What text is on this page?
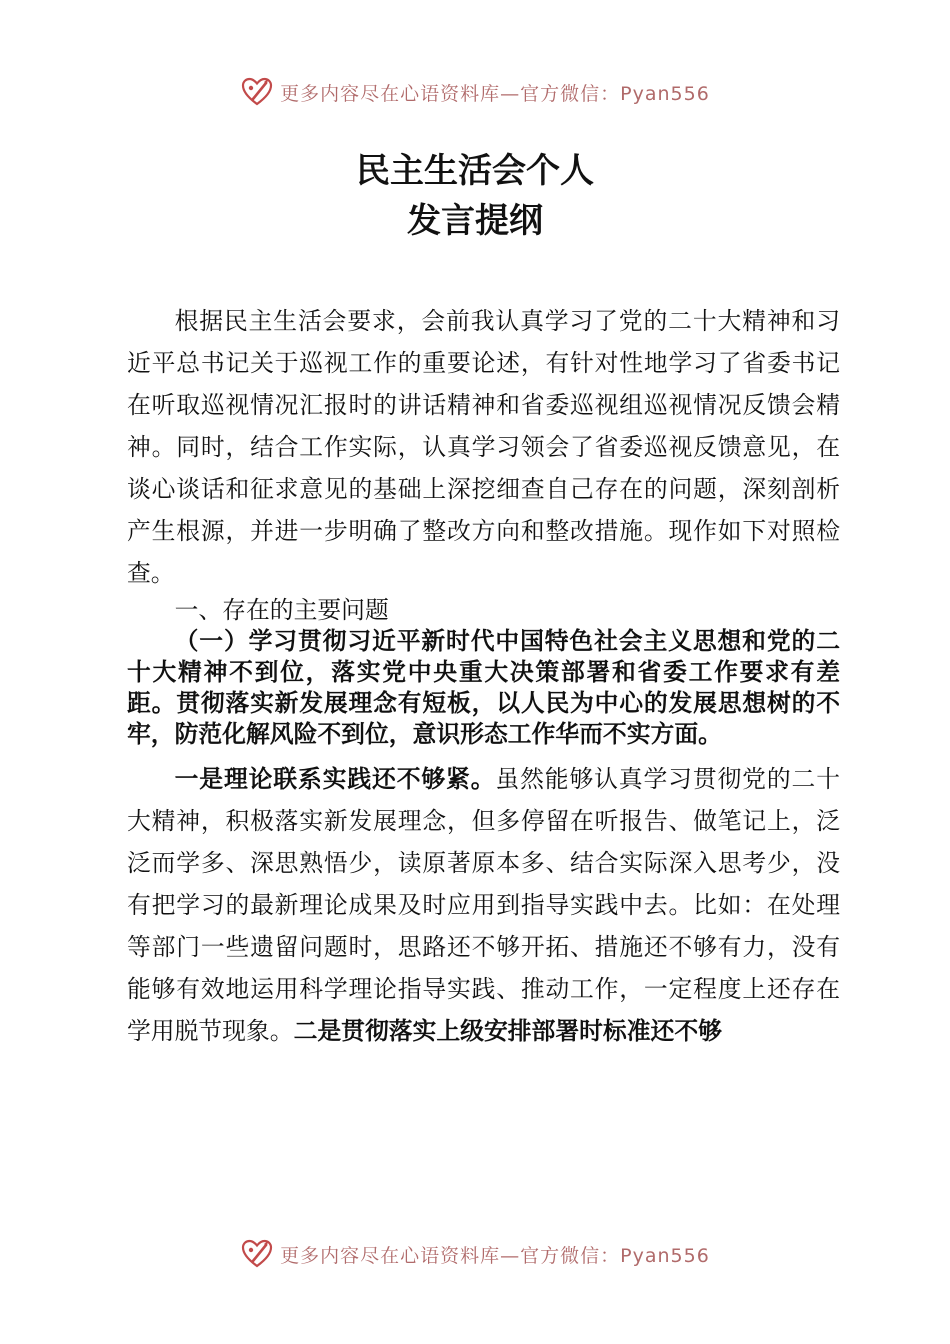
更多内容尽在心语资料库—官方微信：Pyan556
民主生活会个人
发言提纲

根据民主生活会要求，会前我认真学习了党的二十大精神和习近平总书记关于巡视工作的重要论述，有针对性地学习了省委书记在听取巡视情况汇报时的讲话精神和省委巡视组巡视情况反馈会精神。同时，结合工作实际，认真学习领会了省委巡视反馈意见，在谈心谈话和征求意见的基础上深挖细查自己存在的问题，深刻剖析产生根源，并进一步明确了整改方向和整改措施。现作如下对照检查。

一、存在的主要问题

（一）学习贯彻习近平新时代中国特色社会主义思想和党的二十大精神不到位，落实党中央重大决策部署和省委工作要求有差距。贯彻落实新发展理念有短板，以人民为中心的发展思想树的不牢，防范化解风险不到位，意识形态工作华而不实方面。

一是理论联系实践还不够紧。虽然能够认真学习贯彻党的二十大精神，积极落实新发展理念，但多停留在听报告、做笔记上，泛泛而学多、深思熟悟少，读原著原本多、结合实际深入思考少，没有把学习的最新理论成果及时应用到指导实践中去。比如：在处理等部门一些遗留问题时，思路还不够开拓、措施还不够有力，没有能够有效地运用科学理论指导实践、推动工作，一定程度上还存在学用脱节现象。二是贯彻落实上级安排部署时标准还不够

更多内容尽在心语资料库—官方微信：Pyan556
